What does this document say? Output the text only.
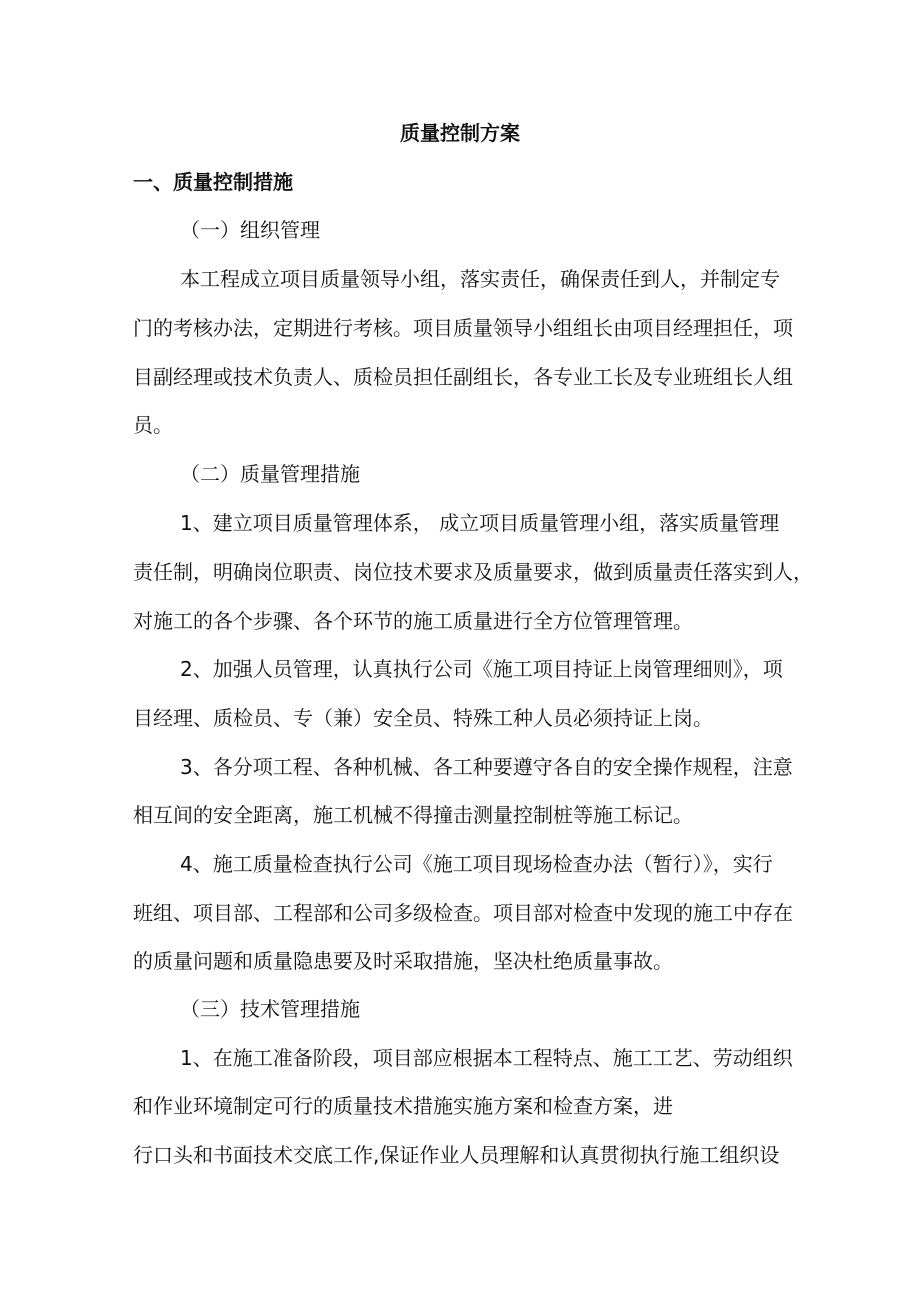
质量控制方案
一、质量控制措施
（一）组织管理
本工程成立项目质量领导小组，落实责任，确保责任到人，并制定专
门的考核办法，定期进行考核。项目质量领导小组组长由项目经理担任，项
目副经理或技术负责人、质检员担任副组长，各专业工长及专业班组长人组
员。
（二）质量管理措施
1、建立项目质量管理体系， 成立项目质量管理小组，落实质量管理
责任制，明确岗位职责、岗位技术要求及质量要求，做到质量责任落实到人，
对施工的各个步骤、各个环节的施工质量进行全方位管理管理。
2、加强人员管理，认真执行公司《施工项目持证上岗管理细则》，项
目经理、质检员、专（兼）安全员、特殊工种人员必须持证上岗。
3、各分项工程、各种机械、各工种要遵守各自的安全操作规程，注意
相互间的安全距离，施工机械不得撞击测量控制桩等施工标记。
4、施工质量检查执行公司《施工项目现场检查办法（暂行）》，实行
班组、项目部、工程部和公司多级检查。项目部对检查中发现的施工中存在
的质量问题和质量隐患要及时采取措施，坚决杜绝质量事故。
（三）技术管理措施
1、在施工准备阶段，项目部应根据本工程特点、施工工艺、劳动组织
和作业环境制定可行的质量技术措施实施方案和检查方案，进
行口头和书面技术交底工作,保证作业人员理解和认真贯彻执行施工组织设
